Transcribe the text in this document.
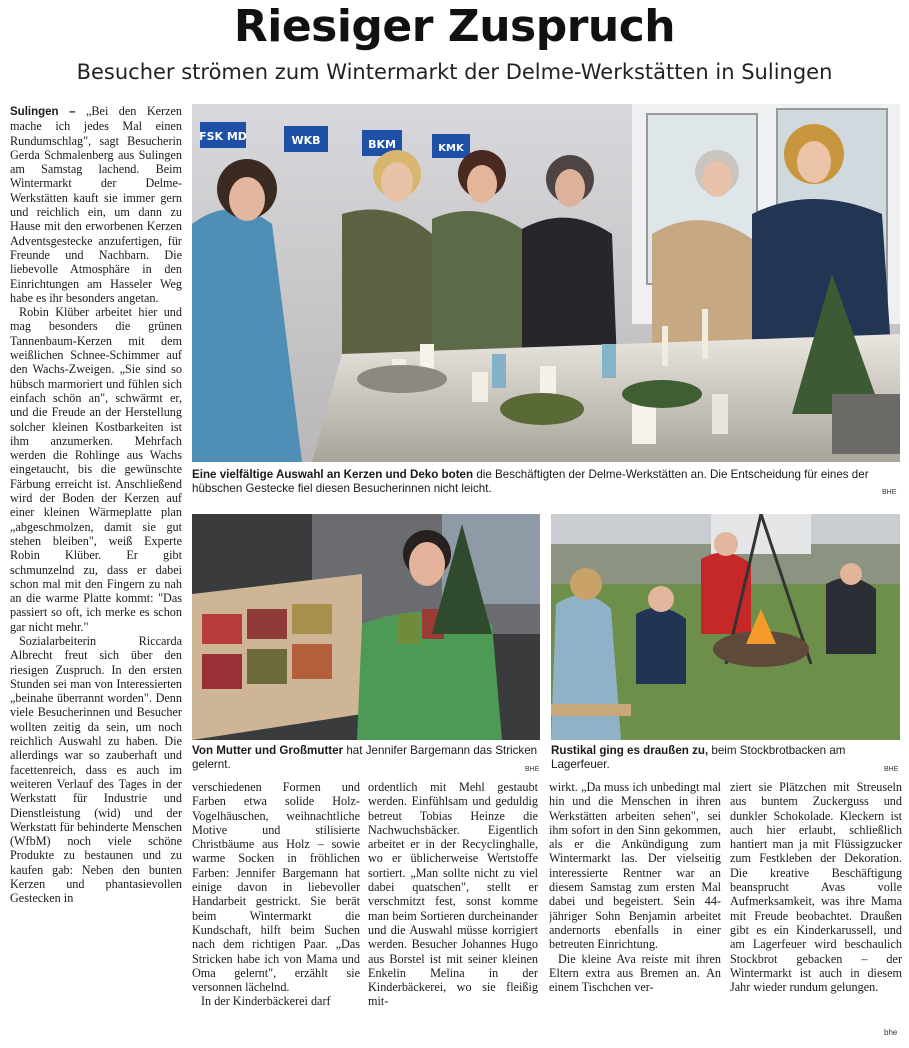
Riesiger Zuspruch
Besucher strömen zum Wintermarkt der Delme-Werkstätten in Sulingen

Sulingen – „Bei den Kerzen mache ich jedes Mal einen Rundumschlag", sagt Besucherin Gerda Schmalenberg aus Sulingen am Samstag lachend. Beim Wintermarkt der Delme-Werkstätten kauft sie immer gern und reichlich ein, um dann zu Hause mit den erworbenen Kerzen Adventsgestecke anzufertigen, für Freunde und Nachbarn. Die liebevolle Atmosphäre in den Einrichtungen am Hasseler Weg habe es ihr besonders angetan.

Robin Klüber arbeitet hier und mag besonders die grünen Tannenbaum-Kerzen mit dem weißlichen Schnee-Schimmer auf den Wachs-Zweigen. „Sie sind so hübsch marmoriert und fühlen sich einfach schön an", schwärmt er, und die Freude an der Herstellung solcher kleinen Kostbarkeiten ist ihm anzumerken. Mehrfach werden die Rohlinge aus Wachs eingetaucht, bis die gewünschte Färbung erreicht ist. Anschließend wird der Boden der Kerzen auf einer kleinen Wärmeplatte plan „abgeschmolzen, damit sie gut stehen bleiben", weiß Experte Robin Klüber. Er gibt schmunzelnd zu, dass er dabei schon mal mit den Fingern zu nah an die warme Platte kommt: "Das passiert so oft, ich merke es schon gar nicht mehr."

Sozialarbeiterin Riccarda Albrecht freut sich über den riesigen Zuspruch. In den ersten Stunden sei man von Interessierten „beinahe überrannt worden". Denn viele Besucherinnen und Besucher wollten zeitig da sein, um noch reichlich Auswahl zu haben. Die allerdings war so zauberhaft und facettenreich, dass es auch im weiteren Verlauf des Tages in der Werkstatt für Industrie und Dienstleistung (wid) und der Werkstatt für behinderte Menschen (WfbM) noch viele schöne Produkte zu bestaunen und zu kaufen gab: Neben den bunten Kerzen und phantasievollen Gestecken in

FSK MD	WKB	BKM	KMK
Eine vielfältige Auswahl an Kerzen und Deko boten die Beschäftigten der Delme-Werkstätten an. Die Entscheidung für eines der hübschen Gestecke fiel diesen Besucherinnen nicht leicht.	BHE
Von Mutter und Großmutter hat Jennifer Bargemann das Stricken gelernt.	BHE
Rustikal ging es draußen zu, beim Stockbrotbacken am Lagerfeuer.	BHE

verschiedenen Formen und Farben etwa solide Holz-Vogelhäuschen, weihnachtliche Motive und stilisierte Christbäume aus Holz – sowie warme Socken in fröhlichen Farben: Jennifer Bargemann hat einige davon in liebevoller Handarbeit gestrickt. Sie berät beim Wintermarkt die Kundschaft, hilft beim Suchen nach dem richtigen Paar. „Das Stricken habe ich von Mama und Oma gelernt", erzählt sie versonnen lächelnd.

In der Kinderbäckerei darf

ordentlich mit Mehl gestaubt werden. Einfühlsam und geduldig betreut Tobias Heinze die Nachwuchsbäcker. Eigentlich arbeitet er in der Recyclinghalle, wo er üblicherweise Wertstoffe sortiert. „Man sollte nicht zu viel dabei quatschen", stellt er verschmitzt fest, sonst komme man beim Sortieren durcheinander und die Auswahl müsse korrigiert werden. Besucher Johannes Hugo aus Borstel ist mit seiner kleinen Enkelin Melina in der Kinderbäckerei, wo sie fleißig mit-

wirkt. „Da muss ich unbedingt mal hin und die Menschen in ihren Werkstätten arbeiten sehen", sei ihm sofort in den Sinn gekommen, als er die Ankündigung zum Wintermarkt las. Der vielseitig interessierte Rentner war an diesem Samstag zum ersten Mal dabei und begeistert. Sein 44-jähriger Sohn Benjamin arbeitet andernorts ebenfalls in einer betreuten Einrichtung.

Die kleine Ava reiste mit ihren Eltern extra aus Bremen an. An einem Tischchen ver-

ziert sie Plätzchen mit Streuseln aus buntem Zuckerguss und dunkler Schokolade. Kleckern ist auch hier erlaubt, schließlich hantiert man ja mit Flüssigzucker zum Festkleben der Dekoration. Die kreative Beschäftigung beansprucht Avas volle Aufmerksamkeit, was ihre Mama mit Freude beobachtet. Draußen gibt es ein Kinderkarussell, und am Lagerfeuer wird beschaulich Stockbrot gebacken – der Wintermarkt ist auch in diesem Jahr wieder rundum gelungen.

bhe
